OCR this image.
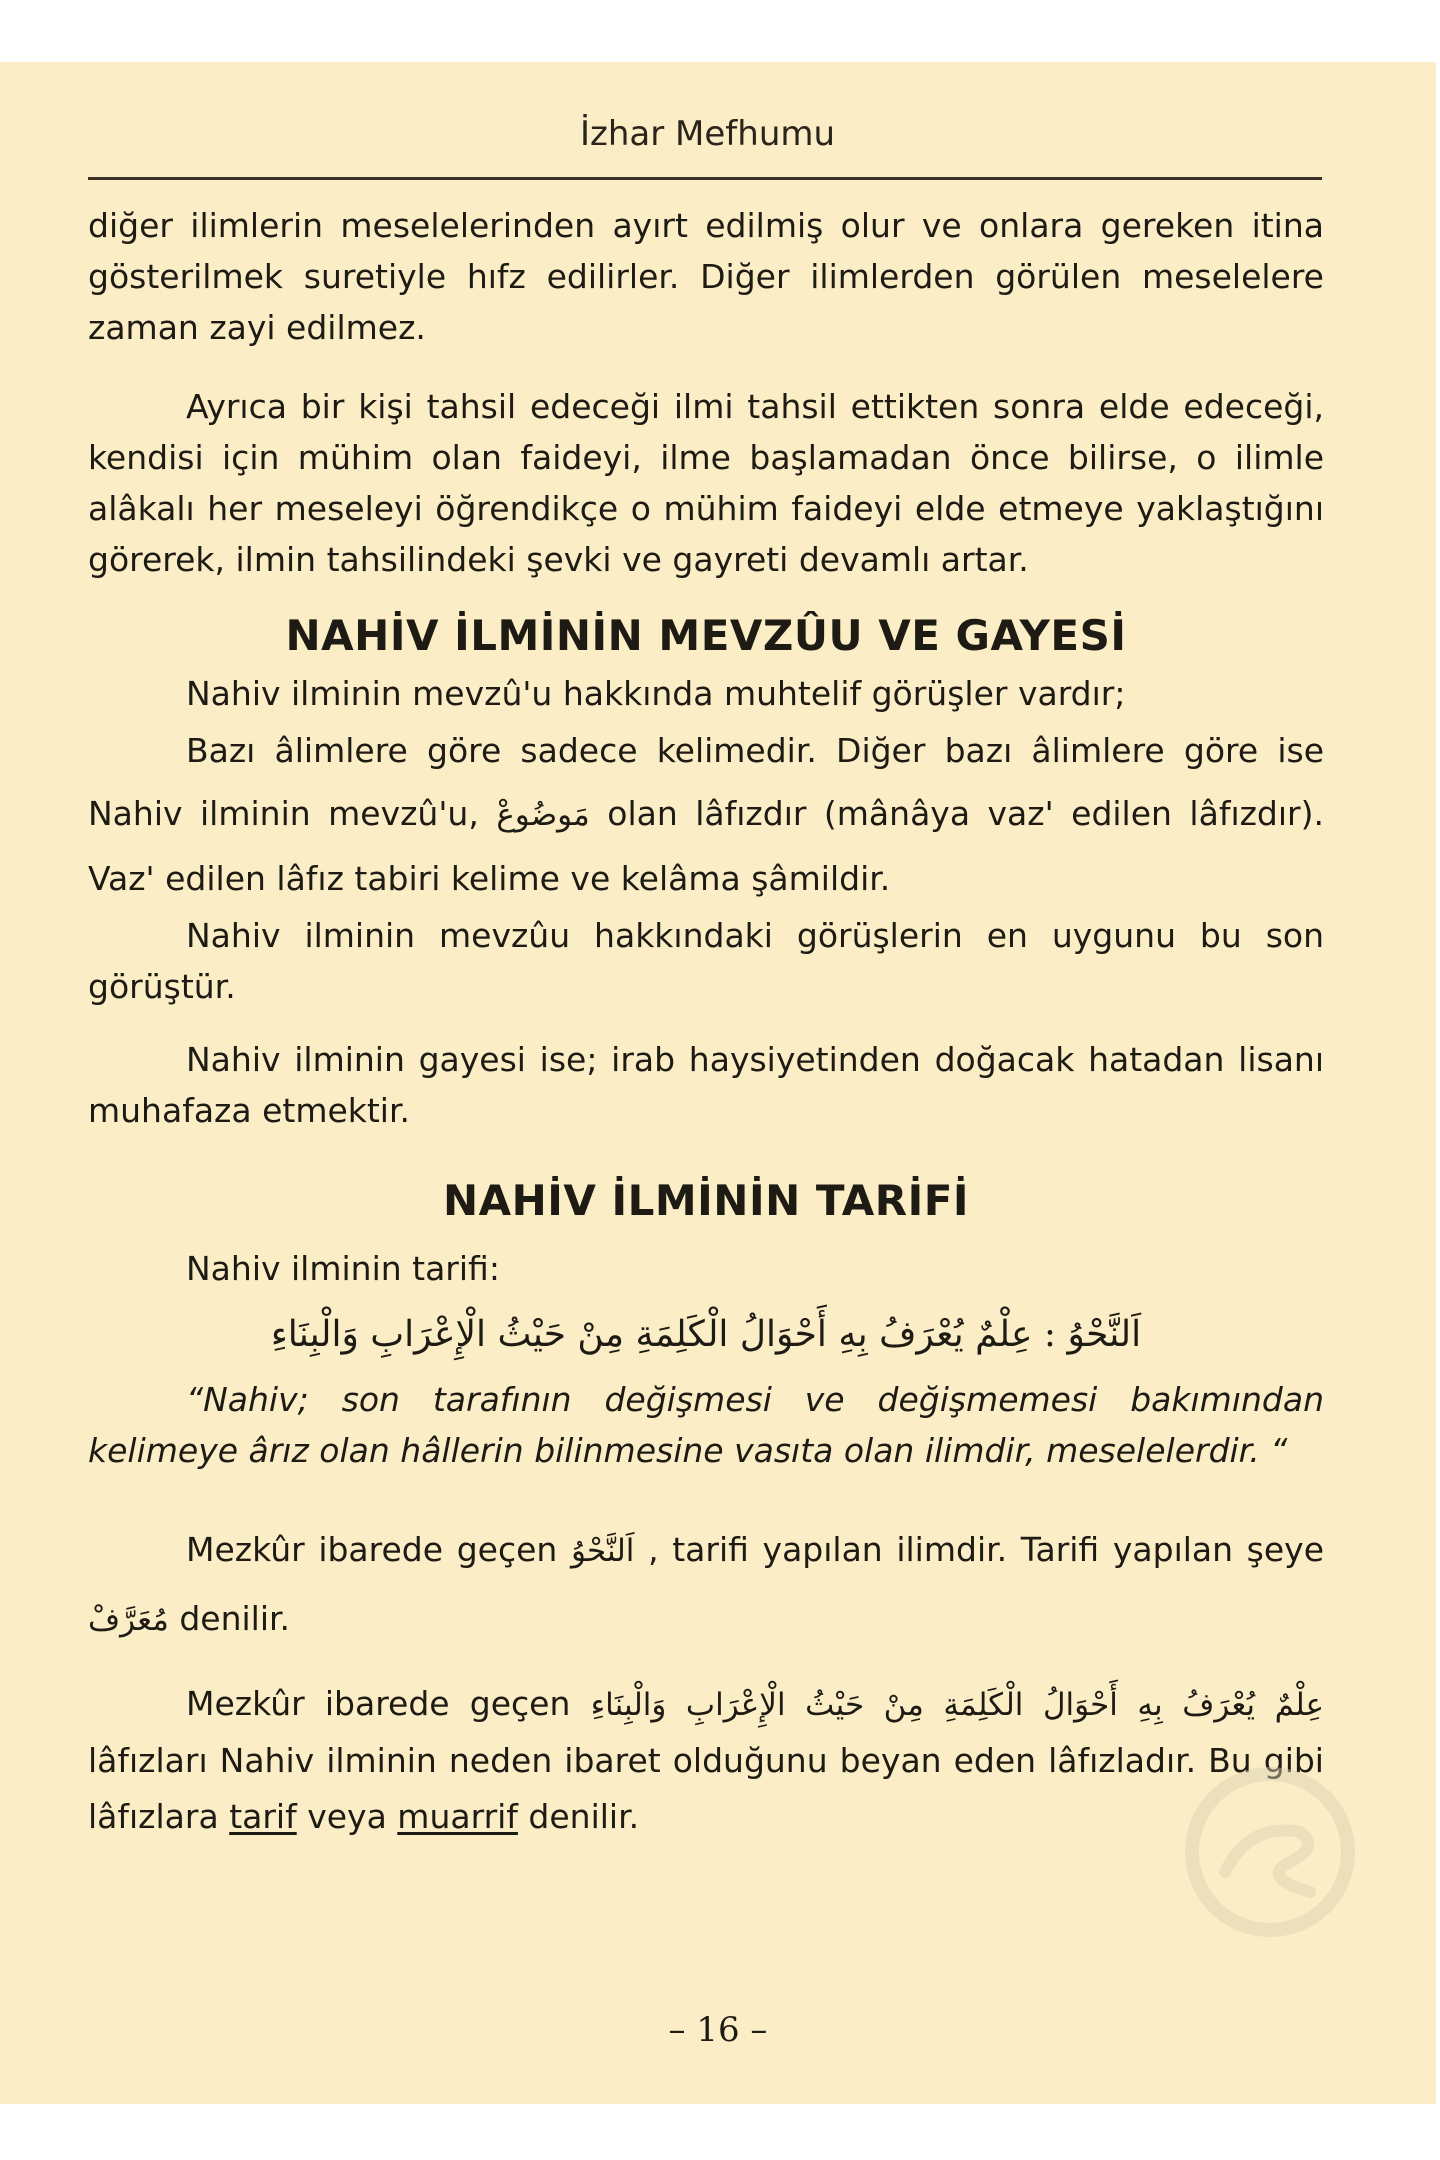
İzhar Mefhumu

diğer ilimlerin meselelerinden ayırt edilmiş olur ve onlara gereken itina gösterilmek suretiyle hıfz edilirler. Diğer ilimlerden görülen meselelere zaman zayi edilmez.

Ayrıca bir kişi tahsil edeceği ilmi tahsil ettikten sonra elde edeceği, kendisi için mühim olan faideyi, ilme başlamadan önce bilirse, o ilimle alâkalı her meseleyi öğrendikçe o mühim faideyi elde etmeye yaklaştığını görerek, ilmin tahsilindeki şevki ve gayreti devamlı artar.

NAHİV İLMİNİN MEVZÛU VE GAYESİ

Nahiv ilminin mevzû'u hakkında muhtelif görüşler vardır;

Bazı âlimlere göre sadece kelimedir. Diğer bazı âlimlere göre ise Nahiv ilminin mevzû'u, مَوضُوعْ olan lâfızdır (mânâya vaz' edilen lâfızdır). Vaz' edilen lâfız tabiri kelime ve kelâma şâmildir.

Nahiv ilminin mevzûu hakkındaki görüşlerin en uygunu bu son görüştür.

Nahiv ilminin gayesi ise; irab haysiyetinden doğacak hatadan lisanı muhafaza etmektir.

NAHİV İLMİNİN TARİFİ

Nahiv ilminin tarifi:

اَلنَّحْوُ : عِلْمٌ يُعْرَفُ بِهِ أَحْوَالُ الْكَلِمَةِ مِنْ حَيْثُ الْإِعْرَابِ وَالْبِنَاءِ

“Nahiv; son tarafının değişmesi ve değişmemesi bakımından kelimeye ârız olan hâllerin bilinmesine vasıta olan ilimdir, meselelerdir. “

Mezkûr ibarede geçen اَلنَّحْوُ , tarifi yapılan ilimdir. Tarifi yapılan şeye مُعَرَّفْ denilir.

Mezkûr ibarede geçen عِلْمٌ يُعْرَفُ بِهِ أَحْوَالُ الْكَلِمَةِ مِنْ حَيْثُ الْإِعْرَابِ وَالْبِنَاءِ lâfızları Nahiv ilminin neden ibaret olduğunu beyan eden lâfızladır. Bu gibi lâfızlara tarif veya muarrif denilir.

– 16 –
